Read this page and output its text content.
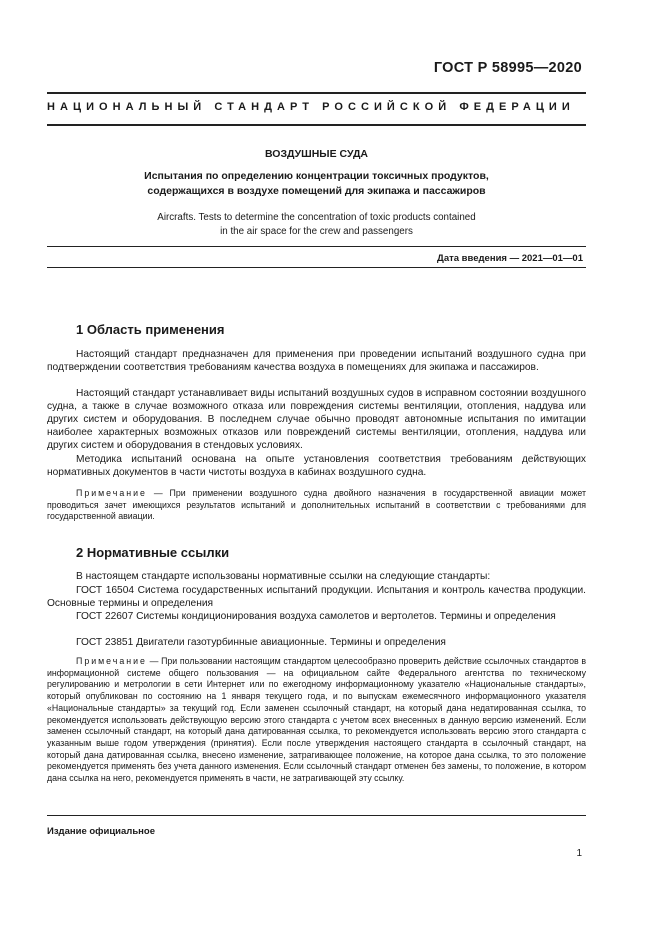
ГОСТ Р 58995—2020
НАЦИОНАЛЬНЫЙ СТАНДАРТ РОССИЙСКОЙ ФЕДЕРАЦИИ
ВОЗДУШНЫЕ СУДА
Испытания по определению концентрации токсичных продуктов,
содержащихся в воздухе помещений для экипажа и пассажиров
Aircrafts. Tests to determine the concentration of toxic products contained
in the air space for the crew and passengers
Дата введения — 2021—01—01
1 Область применения

Настоящий стандарт предназначен для применения при проведении испытаний воздушного судна при подтверждении соответствия требованиям качества воздуха в помещениях для экипажа и пассажиров.

Настоящий стандарт устанавливает виды испытаний воздушных судов в исправном состоянии воздушного судна, а также в случае возможного отказа или повреждения системы вентиляции, отопления, наддува или других систем и оборудования. В последнем случае обычно проводят автономные испытания по имитации наиболее характерных возможных отказов или повреждений системы вентиляции, отопления, наддува или других систем и оборудования в стендовых условиях.

Методика испытаний основана на опыте установления соответствия требованиям действующих нормативных документов в части чистоты воздуха в кабинах воздушного судна.

Примечание — При применении воздушного судна двойного назначения в государственной авиации может проводиться зачет имеющихся результатов испытаний и дополнительных испытаний в соответствии с требованиями для государственной авиации.

2 Нормативные ссылки

В настоящем стандарте использованы нормативные ссылки на следующие стандарты:

ГОСТ 16504 Система государственных испытаний продукции. Испытания и контроль качества продукции. Основные термины и определения

ГОСТ 22607 Системы кондиционирования воздуха самолетов и вертолетов. Термины и определения

ГОСТ 23851 Двигатели газотурбинные авиационные. Термины и определения

Примечание — При пользовании настоящим стандартом целесообразно проверить действие ссылочных стандартов в информационной системе общего пользования — на официальном сайте Федерального агентства по техническому регулированию и метрологии в сети Интернет или по ежегодному информационному указателю «Национальные стандарты», который опубликован по состоянию на 1 января текущего года, и по выпускам ежемесячного информационного указателя «Национальные стандарты» за текущий год. Если заменен ссылочный стандарт, на который дана недатированная ссылка, то рекомендуется использовать действующую версию этого стандарта с учетом всех внесенных в данную версию изменений. Если заменен ссылочный стандарт, на который дана датированная ссылка, то рекомендуется использовать версию этого стандарта с указанным выше годом утверждения (принятия). Если после утверждения настоящего стандарта в ссылочный стандарт, на который дана датированная ссылка, внесено изменение, затрагивающее положение, на которое дана ссылка, то это положение рекомендуется применять без учета данного изменения. Если ссылочный стандарт отменен без замены, то положение, в котором дана ссылка на него, рекомендуется применять в части, не затрагивающей эту ссылку.

Издание официальное
1
